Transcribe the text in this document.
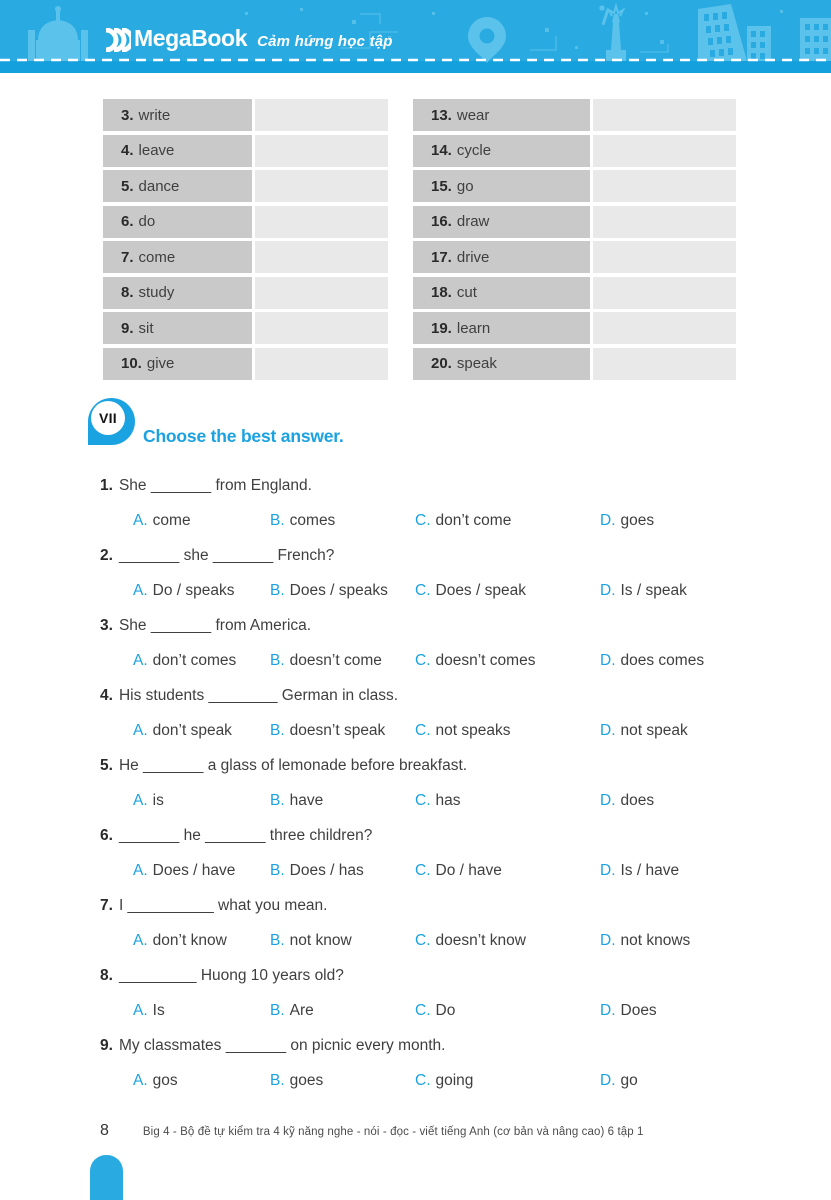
MegaBook Cảm hứng học tập
3. write	13. wear
4. leave	14. cycle
5. dance	15. go
6. do	16. draw
7. come	17. drive
8. study	18. cut
9. sit	19. learn
10. give	20. speak
VII
Choose the best answer.
1. She _______ from England.
A. come	B. comes	C. don’t come	D. goes
2. _______ she _______ French?
A. Do / speaks	B. Does / speaks	C. Does / speak	D. Is / speak
3. She _______ from America.
A. don’t comes	B. doesn’t come	C. doesn’t comes	D. does comes
4. His students ________ German in class.
A. don’t speak	B. doesn’t speak	C. not speaks	D. not speak
5. He _______ a glass of lemonade before breakfast.
A. is	B. have	C. has	D. does
6. _______ he _______ three children?
A. Does / have	B. Does / has	C. Do / have	D. Is / have
7. I __________ what you mean.
A. don’t know	B. not know	C. doesn’t know	D. not knows
8. _________ Huong 10 years old?
A. Is	B. Are	C. Do	D. Does
9. My classmates _______ on picnic every month.
A. gos	B. goes	C. going	D. go
8	Big 4 - Bộ đề tự kiểm tra 4 kỹ năng nghe - nói - đọc - viết tiếng Anh (cơ bản và nâng cao) 6 tập 1
